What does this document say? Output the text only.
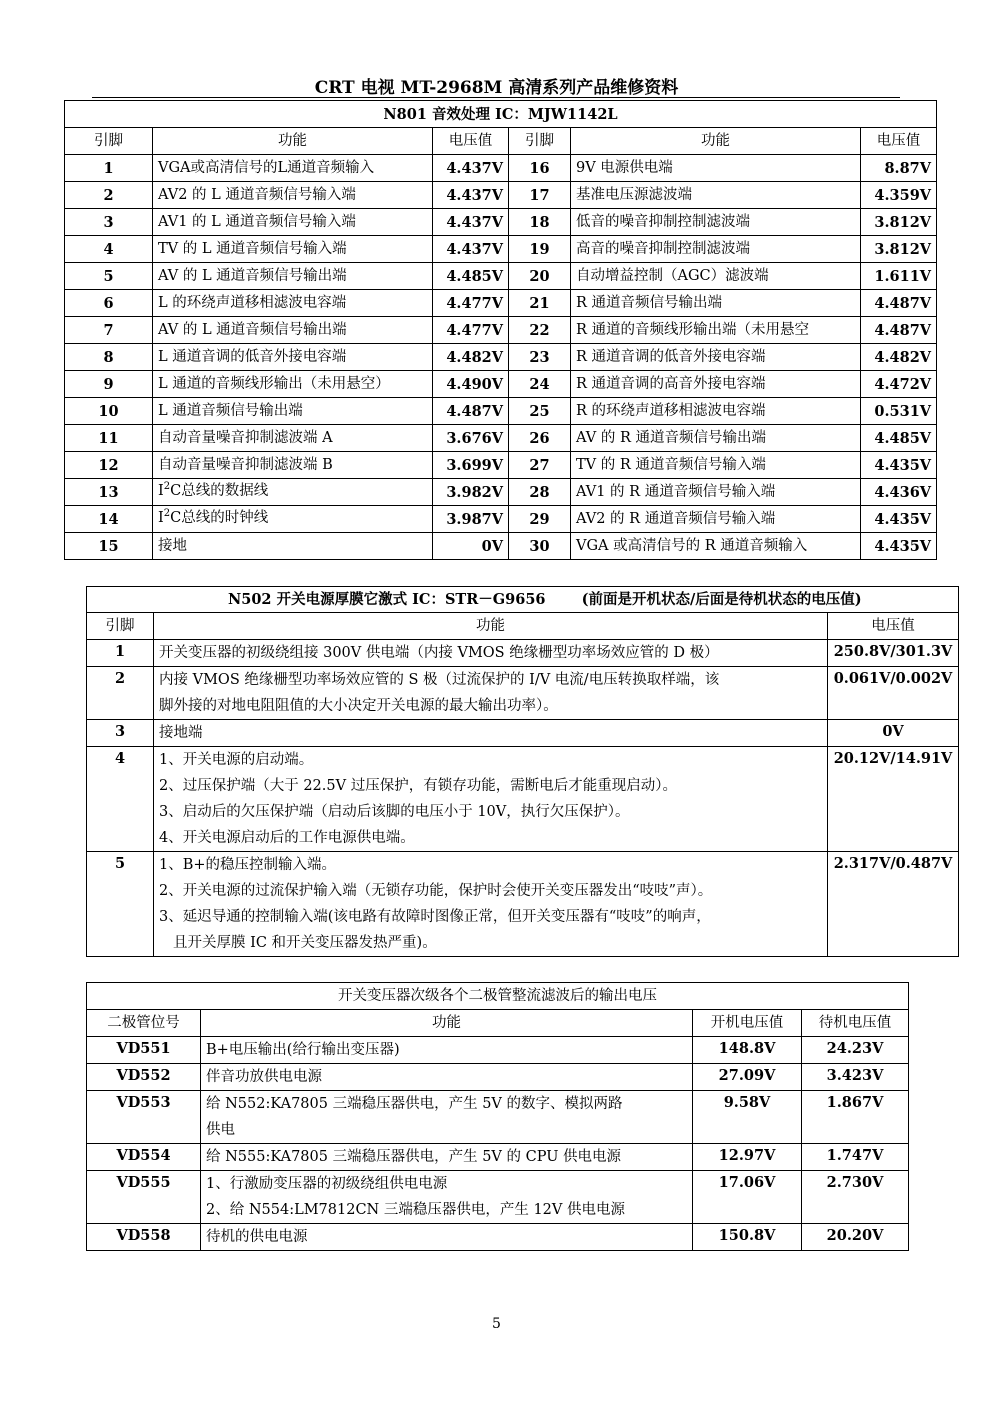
CRT 电视 MT-2968M 高清系列产品维修资料
N801 音效处理 IC：MJW1142L					
引脚	功能	电压值	引脚	功能	电压值
1	VGA或高清信号的L通道音频输入	4.437V	16	9V 电源供电端	8.87V
2	AV2 的 L 通道音频信号输入端	4.437V	17	基准电压源滤波端	4.359V
3	AV1 的 L 通道音频信号输入端	4.437V	18	低音的噪音抑制控制滤波端	3.812V
4	TV 的 L 通道音频信号输入端	4.437V	19	高音的噪音抑制控制滤波端	3.812V
5	AV 的 L 通道音频信号输出端	4.485V	20	自动增益控制（AGC）滤波端	1.611V
6	L 的环绕声道移相滤波电容端	4.477V	21	R 通道音频信号输出端	4.487V
7	AV 的 L 通道音频信号输出端	4.477V	22	R 通道的音频线形输出端（未用悬空	4.487V
8	L 通道音调的低音外接电容端	4.482V	23	R 通道音调的低音外接电容端	4.482V
9	L 通道的音频线形输出（未用悬空）	4.490V	24	R 通道音调的高音外接电容端	4.472V
10	L 通道音频信号输出端	4.487V	25	R 的环绕声道移相滤波电容端	0.531V
11	自动音量噪音抑制滤波端 A	3.676V	26	AV 的 R 通道音频信号输出端	4.485V
12	自动音量噪音抑制滤波端 B	3.699V	27	TV 的 R 通道音频信号输入端	4.435V
13	$I^2C$总线的数据线	3.982V	28	AV1 的 R 通道音频信号输入端	4.436V
14	$I^2C$总线的时钟线	3.987V	29	AV2 的 R 通道音频信号输入端	4.435V
15	接地	0V	30	VGA 或高清信号的 R 通道音频输入	4.435V
N502 开关电源厚膜它激式 IC：STR－G9656 (前面是开机状态/后面是待机状态的电压值)		
引脚	功能	电压值
1	开关变压器的初级绕组接 300V 供电端（内接 VMOS 绝缘栅型功率场效应管的 D 极）	250.8V/301.3V
2	内接 VMOS 绝缘栅型功率场效应管的 S 极（过流保护的 I/V 电流/电压转换取样端，该
脚外接的对地电阻阻值的大小决定开关电源的最大输出功率）。	0.061V/0.002V
3	接地端	0V
4	1、开关电源的启动端。
2、过压保护端（大于 22.5V 过压保护，有锁存功能，需断电后才能重现启动）。
3、启动后的欠压保护端（启动后该脚的电压小于 10V，执行欠压保护）。
4、开关电源启动后的工作电源供电端。	20.12V/14.91V
5	1、B+的稳压控制输入端。
2、开关电源的过流保护输入端（无锁存功能，保护时会使开关变压器发出“吱吱”声）。
3、延迟导通的控制输入端(该电路有故障时图像正常，但开关变压器有“吱吱”的响声，
且开关厚膜 IC 和开关变压器发热严重)。	2.317V/0.487V
开关变压器次级各个二极管整流滤波后的输出电压			
二极管位号	功能	开机电压值	待机电压值
VD551	B+电压输出(给行输出变压器)	148.8V	24.23V
VD552	伴音功放供电电源	27.09V	3.423V
VD553	给 N552:KA7805 三端稳压器供电，产生 5V 的数字、模拟两路
供电	9.58V	1.867V
VD554	给 N555:KA7805 三端稳压器供电，产生 5V 的 CPU 供电电源	12.97V	1.747V
VD555	1、行激励变压器的初级绕组供电电源
2、给 N554:LM7812CN 三端稳压器供电，产生 12V 供电电源	17.06V	2.730V
VD558	待机的供电电源	150.8V	20.20V
5
